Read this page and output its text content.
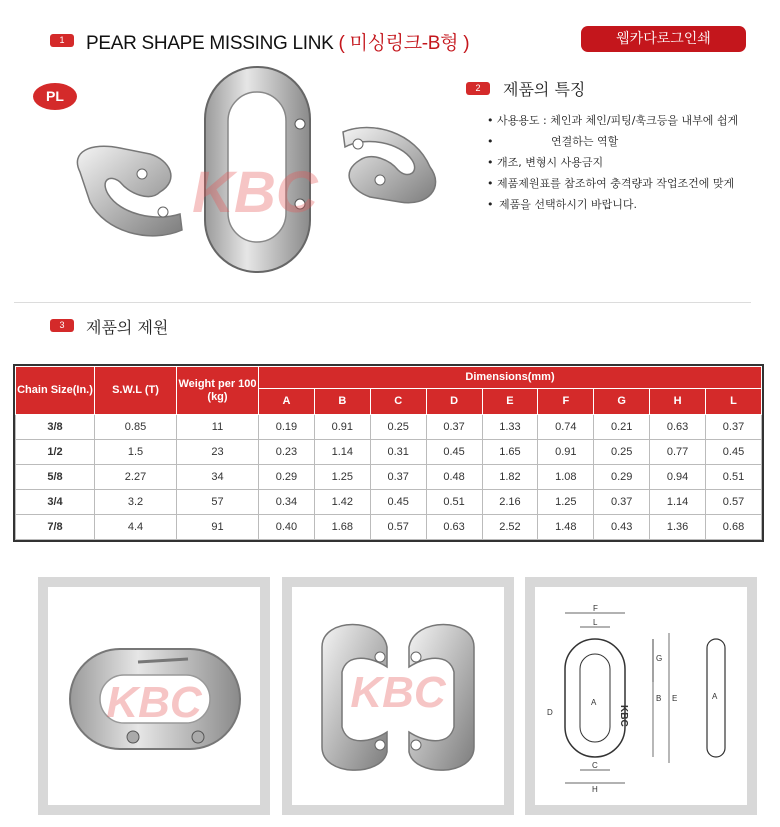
1	PEAR SHAPE MISSING LINK ( 미싱링크-B형 )	웹카다로그인쇄
PL
KBC
2	제품의 특징
• 사용용도 : 체인과 체인/피팅/훅크등을 내부에 쉽게
• 연결하는 역할
• 개조, 변형시 사용금지
• 제품제원표를 참조하여 충격량과 작업조건에 맞게
• 제품을 선택하시기 바랍니다.
3	제품의 제원
Chain Size(In.)	S.W.L (T)	Weight per 100 (kg)	Dimensions(mm)								
			A	B	C	D	E	F	G	H	L
3/8	0.85	11	0.19	0.91	0.25	0.37	1.33	0.74	0.21	0.63	0.37
1/2	1.5	23	0.23	1.14	0.31	0.45	1.65	0.91	0.25	0.77	0.45
5/8	2.27	34	0.29	1.25	0.37	0.48	1.82	1.08	0.29	0.94	0.51
3/4	3.2	57	0.34	1.42	0.45	0.51	2.16	1.25	0.37	1.14	0.57
7/8	4.4	91	0.40	1.68	0.57	0.63	2.52	1.48	0.43	1.36	0.68
KBC	KBC
F
L
G
B E
D
A
C
H
A
KBC
